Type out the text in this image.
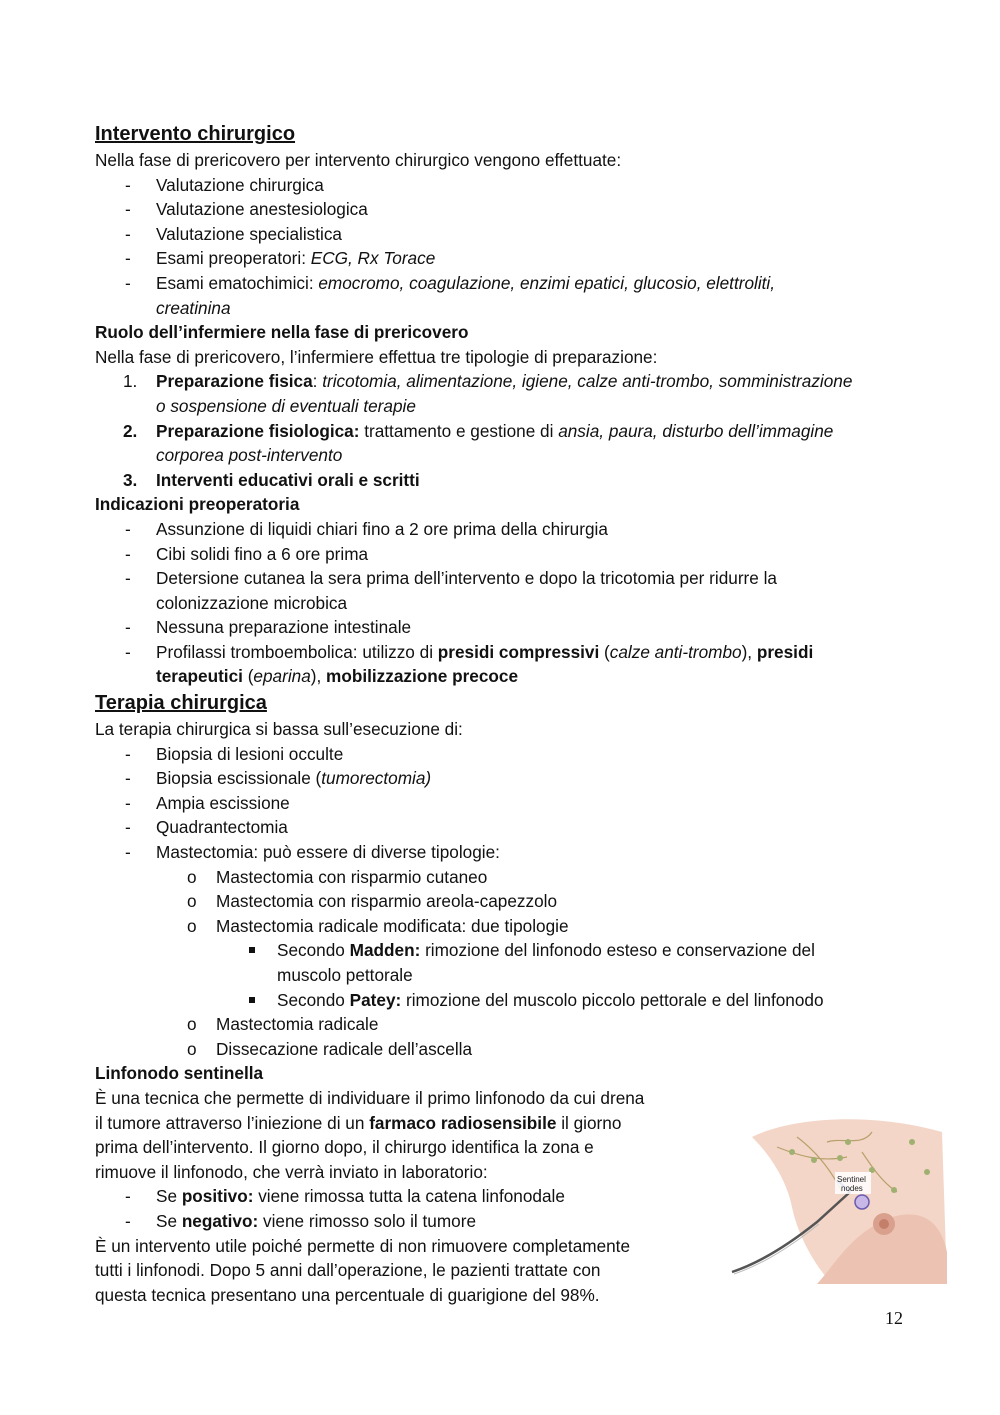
Intervento chirurgico
Nella fase di prericovero per intervento chirurgico vengono effettuate:
- Valutazione chirurgica
- Valutazione anestesiologica
- Valutazione specialistica
- Esami preoperatori: ECG, Rx Torace
- Esami ematochimici: emocromo, coagulazione, enzimi epatici, glucosio, elettroliti,
creatinina
Ruolo dell’infermiere nella fase di prericovero
Nella fase di prericovero, l’infermiere effettua tre tipologie di preparazione:
1. Preparazione fisica: tricotomia, alimentazione, igiene, calze anti-trombo, somministrazione
o sospensione di eventuali terapie
2. Preparazione fisiologica: trattamento e gestione di ansia, paura, disturbo dell’immagine
corporea post-intervento
3. Interventi educativi orali e scritti
Indicazioni preoperatoria
- Assunzione di liquidi chiari fino a 2 ore prima della chirurgia
- Cibi solidi fino a 6 ore prima
- Detersione cutanea la sera prima dell’intervento e dopo la tricotomia per ridurre la
colonizzazione microbica
- Nessuna preparazione intestinale
- Profilassi tromboembolica: utilizzo di presidi compressivi (calze anti-trombo), presidi
terapeutici (eparina), mobilizzazione precoce
Terapia chirurgica
La terapia chirurgica si bassa sull’esecuzione di:
- Biopsia di lesioni occulte
- Biopsia escissionale (tumorectomia)
- Ampia escissione
- Quadrantectomia
- Mastectomia: può essere di diverse tipologie:
o Mastectomia con risparmio cutaneo
o Mastectomia con risparmio areola-capezzolo
o Mastectomia radicale modificata: due tipologie
Secondo Madden: rimozione del linfonodo esteso e conservazione del
muscolo pettorale
Secondo Patey: rimozione del muscolo piccolo pettorale e del linfonodo
o Mastectomia radicale
o Dissecazione radicale dell’ascella
Linfonodo sentinella
È una tecnica che permette di individuare il primo linfonodo da cui drena
il tumore attraverso l’iniezione di un farmaco radiosensibile il giorno
prima dell’intervento. Il giorno dopo, il chirurgo identifica la zona e
rimuove il linfonodo, che verrà inviato in laboratorio:
- Se positivo: viene rimossa tutta la catena linfonodale
- Se negativo: viene rimosso solo il tumore
È un intervento utile poiché permette di non rimuovere completamente
tutti i linfonodi. Dopo 5 anni dall’operazione, le pazienti trattate con
questa tecnica presentano una percentuale di guarigione del 98%.
Sentinel
nodes
12
